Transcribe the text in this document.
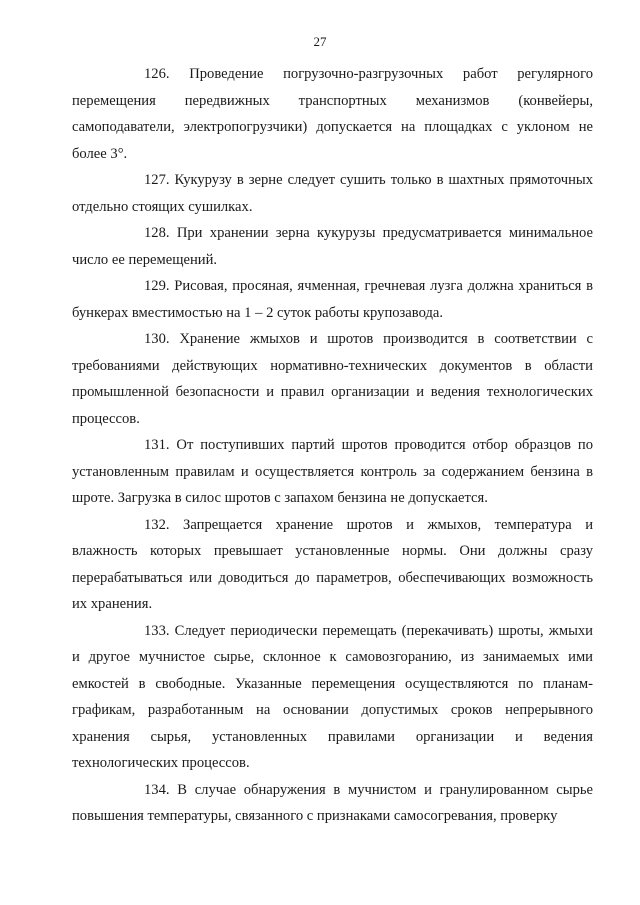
27

126. Проведение погрузочно-разгрузочных работ регулярного перемещения передвижных транспортных механизмов (конвейеры, самоподаватели, электропогрузчики) допускается на площадках с уклоном не более 3°.

127. Кукурузу в зерне следует сушить только в шахтных прямоточных отдельно стоящих сушилках.

128. При хранении зерна кукурузы предусматривается минимальное число ее перемещений.

129. Рисовая, просяная, ячменная, гречневая лузга должна храниться в бункерах вместимостью на 1 – 2 суток работы крупозавода.

130. Хранение жмыхов и шротов производится в соответствии с требованиями действующих нормативно-технических документов в области промышленной безопасности и правил организации и ведения технологических процессов.

131. От поступивших партий шротов проводится отбор образцов по установленным правилам и осуществляется контроль за содержанием бензина в шроте. Загрузка в силос шротов с запахом бензина не допускается.

132. Запрещается хранение шротов и жмыхов, температура и влажность которых превышает установленные нормы. Они должны сразу перерабатываться или доводиться до параметров, обеспечивающих возможность их хранения.

133. Следует периодически перемещать (перекачивать) шроты, жмыхи и другое мучнистое сырье, склонное к самовозгоранию, из занимаемых ими емкостей в свободные. Указанные перемещения осуществляются по планам-графикам, разработанным на основании допустимых сроков непрерывного хранения сырья, установленных правилами организации и ведения технологических процессов.

134. В случае обнаружения в мучнистом и гранулированном сырье повышения температуры, связанного с признаками самосогревания, проверку
